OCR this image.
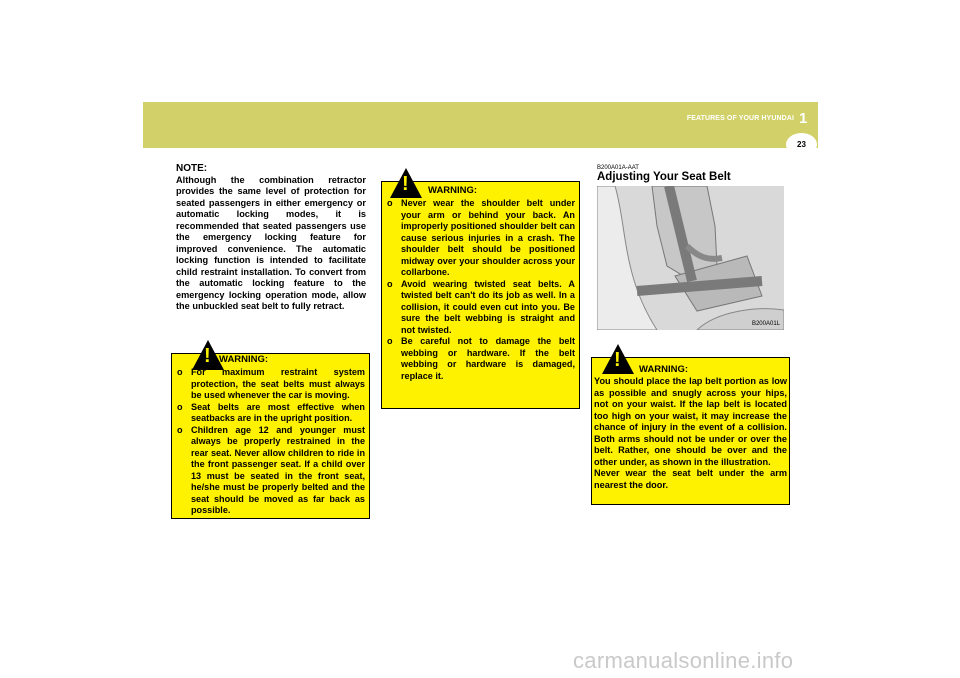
FEATURES OF YOUR HYUNDAI 1
23
NOTE:
Although the combination retractor provides the same level of protection for seated passengers in either emergency or automatic locking modes, it is recommended that seated passengers use the emergency locking feature for improved convenience. The automatic locking function is intended to facilitate child restraint installation. To convert from the automatic locking feature to the emergency locking operation mode, allow the unbuckled seat belt to fully retract.
! WARNING:
o For maximum restraint system protection, the seat belts must always be used whenever the car is moving.
o Seat belts are most effective when seatbacks are in the upright position.
o Children age 12 and younger must always be properly restrained in the rear seat. Never allow children to ride in the front passenger seat. If a child over 13 must be seated in the front seat, he/she must be properly belted and the seat should be moved as far back as possible.
! WARNING:
o Never wear the shoulder belt under your arm or behind your back. An improperly positioned shoulder belt can cause serious injuries in a crash. The shoulder belt should be positioned midway over your shoulder across your collarbone.
o Avoid wearing twisted seat belts. A twisted belt can't do its job as well. In a collision, it could even cut into you. Be sure the belt webbing is straight and not twisted.
o Be careful not to damage the belt webbing or hardware. If the belt webbing or hardware is damaged, replace it.
B200A01A-AAT
Adjusting Your Seat Belt
B200A01L
! WARNING:
You should place the lap belt portion as low as possible and snugly across your hips, not on your waist. If the lap belt is located too high on your waist, it may increase the chance of injury in the event of a collision. Both arms should not be under or over the belt. Rather, one should be over and the other under, as shown in the illustration.
Never wear the seat belt under the arm nearest the door.
carmanualsonline.info
